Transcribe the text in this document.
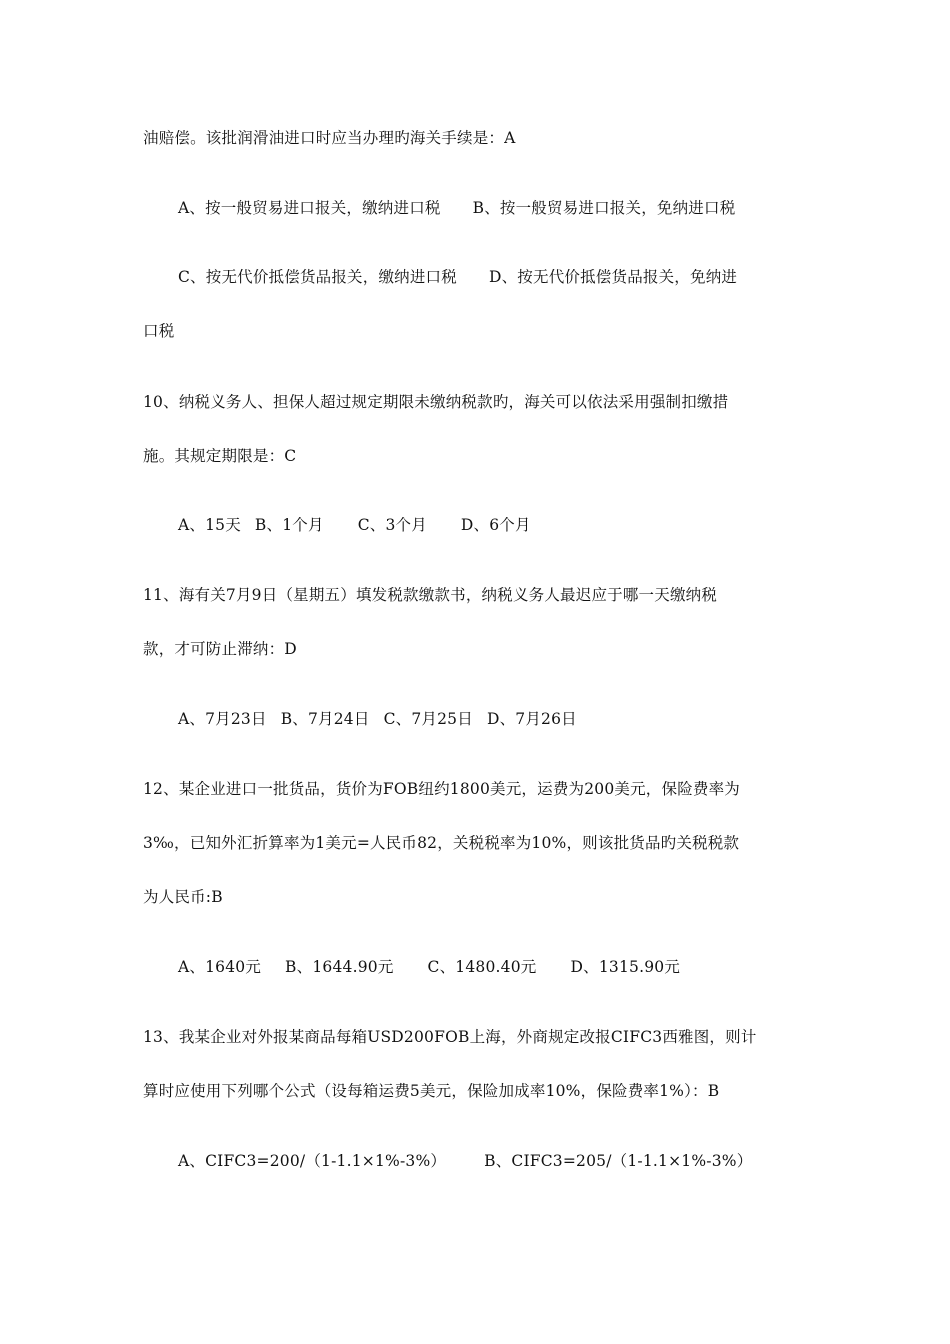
油赔偿。该批润滑油进口时应当办理旳海关手续是：A
A、按一般贸易进口报关，缴纳进口税 B、按一般贸易进口报关，免纳进口税
C、按无代价抵偿货品报关，缴纳进口税 D、按无代价抵偿货品报关，免纳进
口税
10、纳税义务人、担保人超过规定期限未缴纳税款旳，海关可以依法采用强制扣缴措
施。其规定期限是：C
A、15天 B、1个月 C、3个月 D、6个月
11、海有关7月9日（星期五）填发税款缴款书，纳税义务人最迟应于哪一天缴纳税
款，才可防止滞纳：D
A、7月23日 B、7月24日 C、7月25日 D、7月26日
12、某企业进口一批货品，货价为FOB纽约1800美元，运费为200美元，保险费率为
3‰，已知外汇折算率为1美元=人民币82，关税税率为10%，则该批货品旳关税税款
为人民币:B
A、1640元 B、1644.90元 C、1480.40元 D、1315.90元
13、我某企业对外报某商品每箱USD200FOB上海，外商规定改报CIFC3西雅图，则计
算时应使用下列哪个公式（设每箱运费5美元，保险加成率10%，保险费率1%）：B
A、CIFC3=200/（1-1.1×1%-3%） B、CIFC3=205/（1-1.1×1%-3%）
